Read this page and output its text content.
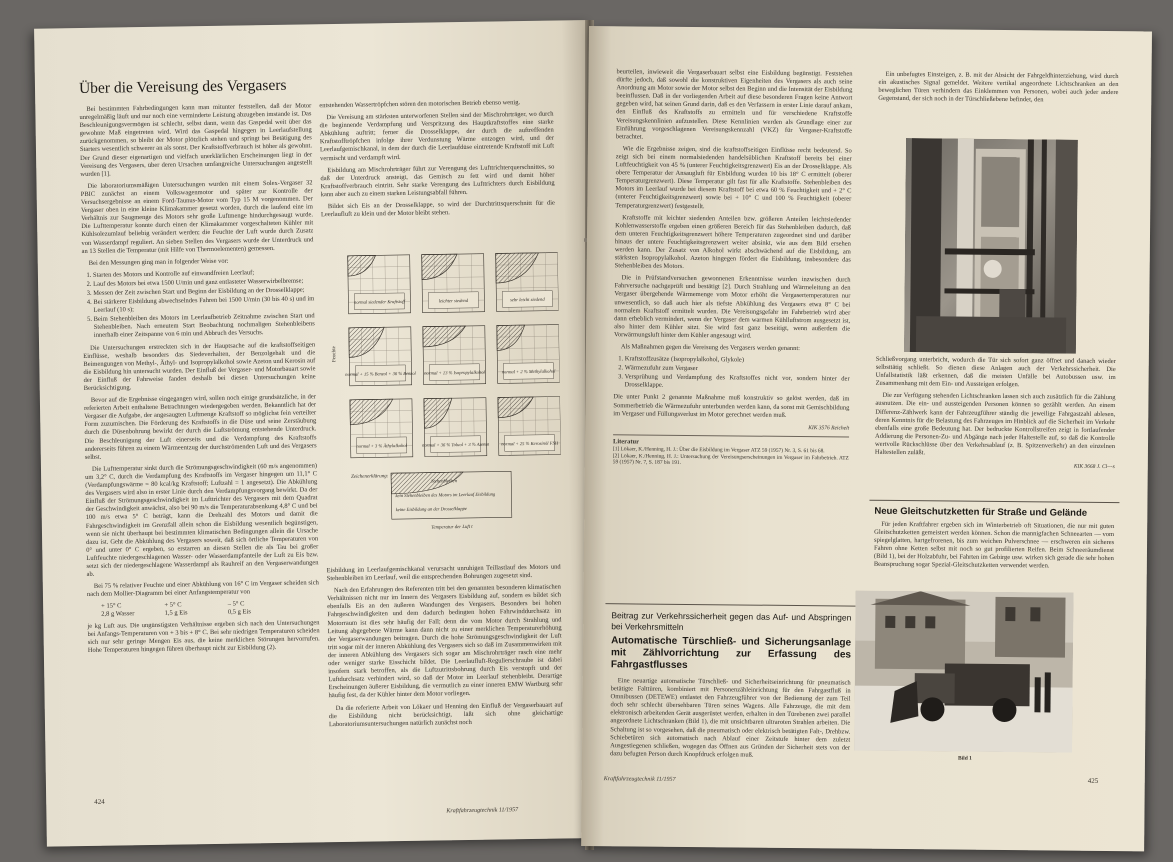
Über die Vereisung des Vergasers

Bei bestimmten Fahrbedingungen kann man mitunter feststellen, daß der Motor unregelmäßig läuft und nur noch eine verminderte Leistung abzugeben imstande ist. Das Beschleunigungsvermögen ist schlecht, selbst dann, wenn das Gaspedal weit über das gewohnte Maß eingetreten wird. Wird das Gaspedal hingegen in Leerlaufstellung zurückgenommen, so bleibt der Motor plötzlich stehen und springt bei Betätigung des Starters wesentlich schwerer an als sonst. Der Kraftstoffverbrauch ist höher als gewohnt. Der Grund dieser eigenartigen und vielfach unerklärlichen Erscheinungen liegt in der Vereisung des Vergasers, über deren Ursachen umfangreiche Untersuchungen angestellt wurden [1].

Die laboratoriumsmäßigen Untersuchungen wurden mit einem Solex-Vergaser 32 PBIC zunächst an einem Volkswagenmotor und später zur Kontrolle der Versuchsergebnisse an einem Ford-Taunus-Motor vom Typ 15 M vorgenommen. Der Vergaser oben in eine kleine Klimakammer gesetzt worden, durch die laufend eine im Verhältnis zur Saugmenge des Motors sehr große Luftmenge hindurchgesaugt wurde. Die Lufttemperatur konnte durch einen der Klimakammer vorgeschalteten Kühler mit Kühlsolezumlauf beliebig verändert werden; die Feuchte der Luft wurde durch Zusatz von Wasserdampf reguliert. An sieben Stellen des Vergasers wurde der Unterdruck und an 13 Stellen die Temperatur (mit Hilfe von Thermoelementen) gemessen.

Bei den Messungen ging man in folgender Weise vor:

1. Starten des Motors und Kontrolle auf einwandfreien Leerlauf;
2. Lauf des Motors bei etwa 1500 U/min und ganz entlasteter Wasserwirbelbremse;
3. Messen der Zeit zwischen Start und Beginn der Eisbildung an der Drosselklappe;
4. Bei stärkerer Eisbildung abwechselndes Fahren bei 1500 U/min (30 bis 40 s) und im Leerlauf (10 s);
5. Beim Stehenbleiben des Motors im Leerlaufbetrieb Zeitnahme zwischen Start und Stehenbleiben. Nach erneutem Start Beobachtung nochmaligen Stehenbleibens innerhalb einer Zeitspanne von 6 min und Abbruch des Versuchs.

Die Untersuchungen erstreckten sich in der Hauptsache auf die kraftstoffseitigen Einflüsse, weshalb besonders das Siedeverhalten, der Benzolgehalt und die Beimengungen von Methyl-, Äthyl- und Isopropylalkohol sowie Azeton und Kerosin auf die Eisbildung hin untersucht wurden. Der Einfluß der Vergaser- und Motorbauart sowie der Einfluß der Fahrweise fanden deshalb bei diesen Untersuchungen keine Berücksichtigung.

Bevor auf die Ergebnisse eingegangen wird, sollen noch einige grundsätzliche, in der referierten Arbeit enthaltene Betrachtungen wiedergegeben werden. Bekanntlich hat der Vergaser die Aufgabe, der angesaugten Luftmenge Kraftstoff so möglichst fein verteilter Form zuzumischen. Die Förderung des Kraftstoffs in die Düse und seine Zerstäubung durch die Düsenbohrung bewirkt der durch die Luftströmung entstehende Unterdruck. Die Beschleunigung der Luft einerseits und die Verdampfung des Kraftstoffs andererseits führen zu einem Wärmeentzug der durchströmenden Luft und des Vergasers selbst.

Die Lufttemperatur sinkt durch die Strömungsgeschwindigkeit (60 m/s angenommen) um 3,2° C, durch die Verdampfung des Kraftstoffs im Vergaser hingegen um 11,1° C (Verdampfungswärme = 80 kcal/kg Kraftstoff; Luftzahl = 1 angesetzt). Die Abkühlung des Vergasers wird also in erster Linie durch den Verdampfungsvorgang bewirkt. Da der Einfluß der Strömungsgeschwindigkeit im Lufttrichter des Vergasers mit dem Quadrat der Geschwindigkeit anwächst, also bei 90 m/s die Temperaturabsenkung 4,8° C und bei 100 m/s etwa 5° C beträgt, kann die Drehzahl des Motors und damit die Fahrgeschwindigkeit im Grenzfall allein schon die Eisbildung wesentlich begünstigen, wenn sie nicht überhaupt bei bestimmten klimatischen Bedingungen allein die Ursache dazu ist. Geht die Abkühlung des Vergasers soweit, daß sich örtliche Temperaturen von 0° und unter 0° C ergeben, so erstarren an diesen Stellen die als Tau bei großer Luftfeuchte niedergeschlagenen Wasser- oder Wasserdampfanteile der Luft zu Eis bzw. setzt sich der niedergeschlagene Wasserdampf als Rauhreif an den Vergaserwandungen ab.

Bei 75 % relativer Feuchte und einer Abkühlung von 16° C im Vergaser scheiden sich nach dem Mollier-Diagramm bei einer Anfangstemperatur von

+ 15° C	+ 5° C	– 5° C
2,8 g Wasser	1,5 g Eis	0,5 g Eis

je kg Luft aus. Die ungünstigsten Verhältnisse ergeben sich nach den Untersuchungen bei Anfangs-Temperaturen von + 3 bis + 8° C. Bei sehr niedrigen Temperaturen scheiden sich nur sehr geringe Mengen Eis aus, die keine merklichen Störungen hervorrufen. Hohe Temperaturen hingegen führen überhaupt nicht zur Eisbildung (2).

entstehenden Wassertröpfchen stören den motorischen Betrieb ebenso wenig.

Die Vereisung am stärksten unterworfenen Stellen sind der Mischrohrträger, wo durch die beginnende Verdampfung und Verspritzung des Hauptkraftstoffes eine starke Abkühlung auftritt; ferner die Drosselklappe, der durch die auftreffenden Kraftstofftröpfchen infolge ihrer Verdunstung Wärme entzogen wird, und der Leerlaufgemischkanal, in dem der durch die Leerlaufdüse eintretende Kraftstoff mit Luft vermischt und verdampft wird.

Eisbildung am Mischrohrträger führt zur Verengung des Lufttrichterquerschnittes, so daß der Unterdruck ansteigt, das Gemisch zu fett wird und damit höher Kraftstoffverbrauch eintritt. Sehr starke Verengung des Lufttrichters durch Eisbildung kann aber auch zu einem starken Leistungsabfall führen.

Bildet sich Eis an der Drosselklappe, so wird der Durchtrittsquerschnitt für die Leerlaufluft zu klein und der Motor bleibt stehen.

normal siedender Kraftstoff	leichter siedend	sehr leicht siedend
normal + 15 % Benzol + 36 % Benzol normal + 13 % Isopropylalkohol	normal + 2 % Methylalkohol
normal + 3 % Äthylalkohol	normal + 36 % Toluol + 3 % Azeton	normal + 25 % Kerosinöl FSH
Feuchte
Zeichenerklärung:
Stehenbleiben
kein Stehenbleiben des Motors im Leerlauf Eisbildung
keine Eisbildung an der Drosselklappe
Temperatur der Luft t

Eisbildung im Leerlaufgemischkanal verursacht unruhigen Teillastlauf des Motors und Stehenbleiben im Leerlauf, weil die entsprechenden Bohrungen zugesetzt sind.

Nach den Erfahrungen des Referenten tritt bei den genannten besonderen klimatischen Verhältnissen nicht nur im Innern des Vergasers Eisbildung auf, sondern es bildet sich ebenfalls Eis an den äußeren Wandungen des Vergasers. Besonders bei hohen Fahrgeschwindigkeiten und dem dadurch bedingten hohen Fahrwinddurchsatz im Motorraum ist dies sehr häufig der Fall; denn die vom Motor durch Strahlung und Leitung abgegebene Wärme kann dann nicht zu einer merklichen Temperaturerhöhung der Vergaserwandungen beitragen. Durch die hohe Strömungsgeschwindigkeit der Luft tritt sogar mit der inneren Abkühlung des Vergasers sich so daß im Zusammenwirken mit der inneren Abkühlung des Vergasers sich sogar am Mischrohrträger rasch eine mehr oder weniger starke Eisschicht bildet. Die Leerlaufluft-Regulierschraube ist dabei insofern stark betroffen, als die Luftzutrittsbohrung durch Eis verstopft und der Luftdurchsatz verhindert wird, so daß der Motor im Leerlauf stehenbleibt. Derartige Erscheinungen äußerer Eisbildung, die vermutlich zu einer inneren EMW Wartburg sehr häufig fest, da der Kühler hinter dem Motor vorliegen.

Da die referierte Arbeit von Lökaer und Henning den Einfluß der Vergaserbauart auf die Eisbildung nicht berücksichtigt, läßt sich ohne gleichartige Laboratoriumsuntersuchungen natürlich zunächst noch

424
Kraftfahrzeugtechnik 11/1957

beurteilen, inwieweit die Vergaserbauart selbst eine Eisbildung begünstigt. Feststehen dürfte jedoch, daß sowohl die konstruktiven Eigenheiten des Vergasers als auch seine Anordnung am Motor sowie der Motor selbst den Beginn und die Intensität der Eisbildung beeinflussen. Daß in der vorliegenden Arbeit auf diese besonderen Fragen keine Antwort gegeben wird, hat seinen Grund darin, daß es den Verfassern in erster Linie darauf ankam, den Einfluß des Kraftstoffs zu ermitteln und für verschiedene Kraftstoffe Vereisungskennlinien aufzustellen. Diese Kennlinien werden als Grundlage einer zur Einführung vorgeschlagenen Vereisungskennzahl (VKZ) für Vergaser-Kraftstoffe betrachtet.

Wie die Ergebnisse zeigen, sind die kraftstoffseitigen Einflüsse recht bedeutend. So zeigt sich bei einem normalsiedenden handelsüblichen Kraftstoff bereits bei einer Luftfeuchtigkeit von 45 % (unterer Feuchtigkeitsgrenzwert) Eis an der Drosselklappe. Als obere Temperatur der Ansaugluft für Eisbildung wurden 10 bis 18° C ermittelt (oberer Temperaturgrenzwert). Diese Temperatur gilt fast für alle Kraftstoffe. Stehenbleiben des Motors im Leerlauf wurde bei diesem Kraftstoff bei etwa 60 % Feuchtigkeit und + 2° C (unterer Feuchtigkeitsgrenzwert) sowie bei + 10° C und 100 % Feuchtigkeit (oberer Temperaturgrenzwert) festgestellt.

Kraftstoffe mit leichter siedenden Anteilen bzw. größeren Anteilen leichtsiedender Kohlenwasserstoffe ergeben einen größeren Bereich für das Stehenbleiben dadurch, daß dem unteren Feuchtigkeitsgrenzwert höhere Temperaturen zugeordnet sind und darüber hinaus der untere Feuchtigkeitsgrenzwert weiter absinkt, wie aus dem Bild ersehen werden kann. Der Zusatz von Alkohol wirkt abschwächend auf die Eisbildung, am stärksten Isopropylalkohol. Azeton hingegen fördert die Eisbildung, insbesondere das Stehenbleiben des Motors.

Die in Prüfstandversuchen gewonnenen Erkenntnisse wurden inzwischen durch Fahrversuche nachgeprüft und bestätigt [2]. Durch Strahlung und Wärmeleitung an den Vergaser übergehende Wärmemenge vom Motor erhöht die Vergasertemperaturen nur unwesentlich, so daß auch hier als tiefste Abkühlung des Vergasers etwa 8° C bei normalem Kraftstoff ermittelt wurden. Die Vereisungsgefahr im Fahrbetrieb wird aber dann erheblich vermindert, wenn der Vergaser dem warmen Kühlluftstrom ausgesetzt ist, also hinter dem Kühler sitzt. Sie wird fast ganz beseitigt, wenn außerdem die Vorwärmungsluft hinter dem Kühler angesaugt wird.

Als Maßnahmen gegen die Vereisung des Vergasers werden genannt:

1. Kraftstoffzusätze (Isopropylalkohol, Glykole)
2. Wärmezufuhr zum Vergaser
3. Versprühung und Verdampfung des Kraftstoffes nicht vor, sondern hinter der Drosselklappe.

Die unter Punkt 2 genannte Maßnahme muß konstruktiv so gelöst werden, daß im Sommerbetrieb die Wärmezufuhr unterbunden werden kann, da sonst mit Gemischbildung im Vergaser und Füllungsverlust im Motor gerechnet werden muß.

KIK 3576 Reichelt
Literatur
[1] Lökaer, K./Henning, H. J.: Über die Eisbildung im Vergaser ATZ 59 (1957) Nr. 3, S. 61 bis 68.
[2] Lökaer, K./Henning, H. J.: Untersuchung der Vereisungserscheinungen im Vergaser im Fahrbetrieb. ATZ 59 (1957) Nr. 7, S. 187 bis 191.
Beitrag zur Verkehrssicherheit gegen das Auf- und Abspringen bei Verkehrsmitteln
Automatische Türschließ- und Sicherungsanlage mit Zählvorrichtung zur Erfassung des Fahrgastflusses

Eine neuartige automatische Türschließ- und Sicherheitseinrichtung für pneumatisch betätigte Falttüren, kombiniert mit Personenzähleinrichtung für den Fahrgastfluß in Omnibussen (DETEWE) entlastet den Fahrzeugführer von der Bedienung der zum Teil doch sehr schlecht übersehbaren Türen seines Wagens. Alle Fahrzeuge, die mit dem elektronisch arbeitenden Gerät ausgerüstet werden, erhalten in den Türebenen zwei parallel angeordnete Lichtschranken (Bild 1), die mit unsichtbaren ultraroten Strahlen arbeiten. Die Schaltung ist so vorgesehen, daß die pneumatisch oder elektrisch betätigten Falt-, Drehbzw. Schiebetüren sich automatisch nach Ablauf einer Zeitstufe hinter dem zuletzt Ausgestiegenen schließen, wogegen das Öffnen aus Gründen der Sicherheit stets von der dazu befugten Person durch Knopfdruck erfolgen muß.

Ein unbefugtes Einsteigen, z. B. mit der Absicht der Fahrgeldhinterziehung, wird durch ein akustisches Signal gemeldet. Weitere vertikal angeordnete Lichtschranken an den beweglichen Türen verhindern das Einklemmen von Personen, wobei auch jeder andere Gegenstand, der sich noch in der Türschließebene befindet, den

Schließvorgang unterbricht, wodurch die Tür sich sofort ganz öffnet und danach wieder selbsttätig schließt. So dienen diese Anlagen auch der Verkehrssicherheit. Die Unfallstatistik läßt erkennen, daß die meisten Unfälle bei Autobussen usw. im Zusammenhang mit dem Ein- und Aussteigen erfolgen.

Die zur Verfügung stehenden Lichtschranken lassen sich auch zusätzlich für die Zählung ausnutzen. Die ein- und aussteigenden Personen können so gezählt werden. An einem Differenz-Zählwerk kann der Fahrzeugführer ständig die jeweilige Fahrgastzahl ablesen, deren Kenntnis für die Belastung des Fahrzeuges im Hinblick auf die Sicherheit im Verkehr ebenfalls eine große Bedeutung hat. Der bedruckte Kontrollstreifen zeigt in fortlaufender Addierung die Personen-Zu- und Abgänge nach jeder Haltestelle auf, so daß die Kontrolle wertvolle Rückschlüsse über den Verkehrsablauf (z. B. Spitzenverkehr) an den einzelnen Haltestellen zuläßt.

KIK 3668 J. Cl---s
Neue Gleitschutzketten für Straße und Gelände

Für jeden Kraftfahrer ergeben sich im Winterbetrieb oft Situationen, die nur mit guten Gleitschutzketten gemeistert werden können. Schon die mannigfachen Schneearten — vom spiegelglatten, hartgefrorenen, bis zum weichen Pulverschnee — erschweren ein sicheres Fahren ohne Ketten selbst mit noch so gut profilierten Reifen. Beim Schneeräumdienst (Bild 1), bei der Holzabfuhr, bei Fahrten im Gebirge usw. wirken sich gerade die sehr hohen Beanspruchung sogar Spezial-Gleitschutzketten verwendet werden.

Bild 1
Kraftfahrzeugtechnik 11/1957	425
